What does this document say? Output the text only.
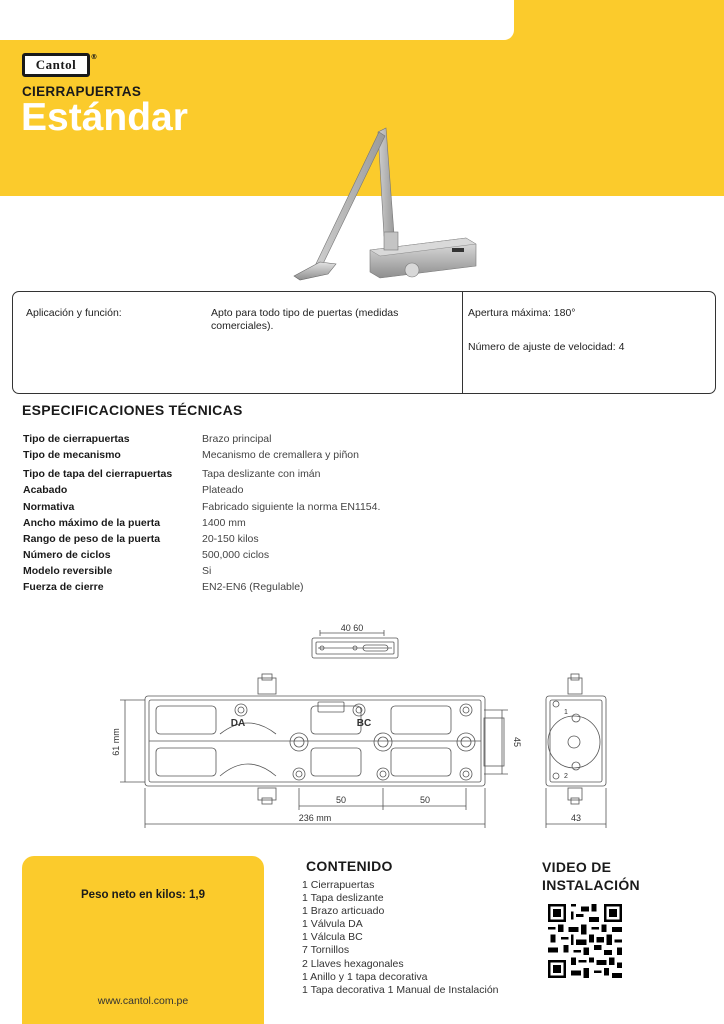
Cantol ®
CIERRAPUERTAS
Estándar
Aplicación y función:	Apto para todo tipo de puertas (medidas comerciales).
Apertura máxima: 180°
Número de ajuste de velocidad: 4
ESPECIFICACIONES TÉCNICAS
Tipo de cierrapuertas	Brazo principal
Tipo de mecanismo	Mecanismo de cremallera y piñon
Tipo de tapa del cierrapuertas	Tapa deslizante con imán
Acabado	Plateado
Normativa	Fabricado siguiente la norma EN1154.
Ancho máximo de la puerta	1400 mm
Rango de peso de la puerta	20-150 kilos
Número de ciclos	500,000 ciclos
Modelo reversible	Si
Fuerza de cierre	EN2-EN6 (Regulable)
40 60
DA	BC
61 mm	45
50	50
236 mm	43
1
2
Peso neto en kilos: 1,9
www.cantol.com.pe
CONTENIDO
1 Cierrapuertas
1 Tapa deslizante
1 Brazo articuado
1 Válvula DA
1 Válcula BC
7 Tornillos
2 Llaves hexagonales
1 Anillo y 1 tapa decorativa
1 Tapa decorativa 1 Manual de Instalación
VIDEO DE
INSTALACIÓN
